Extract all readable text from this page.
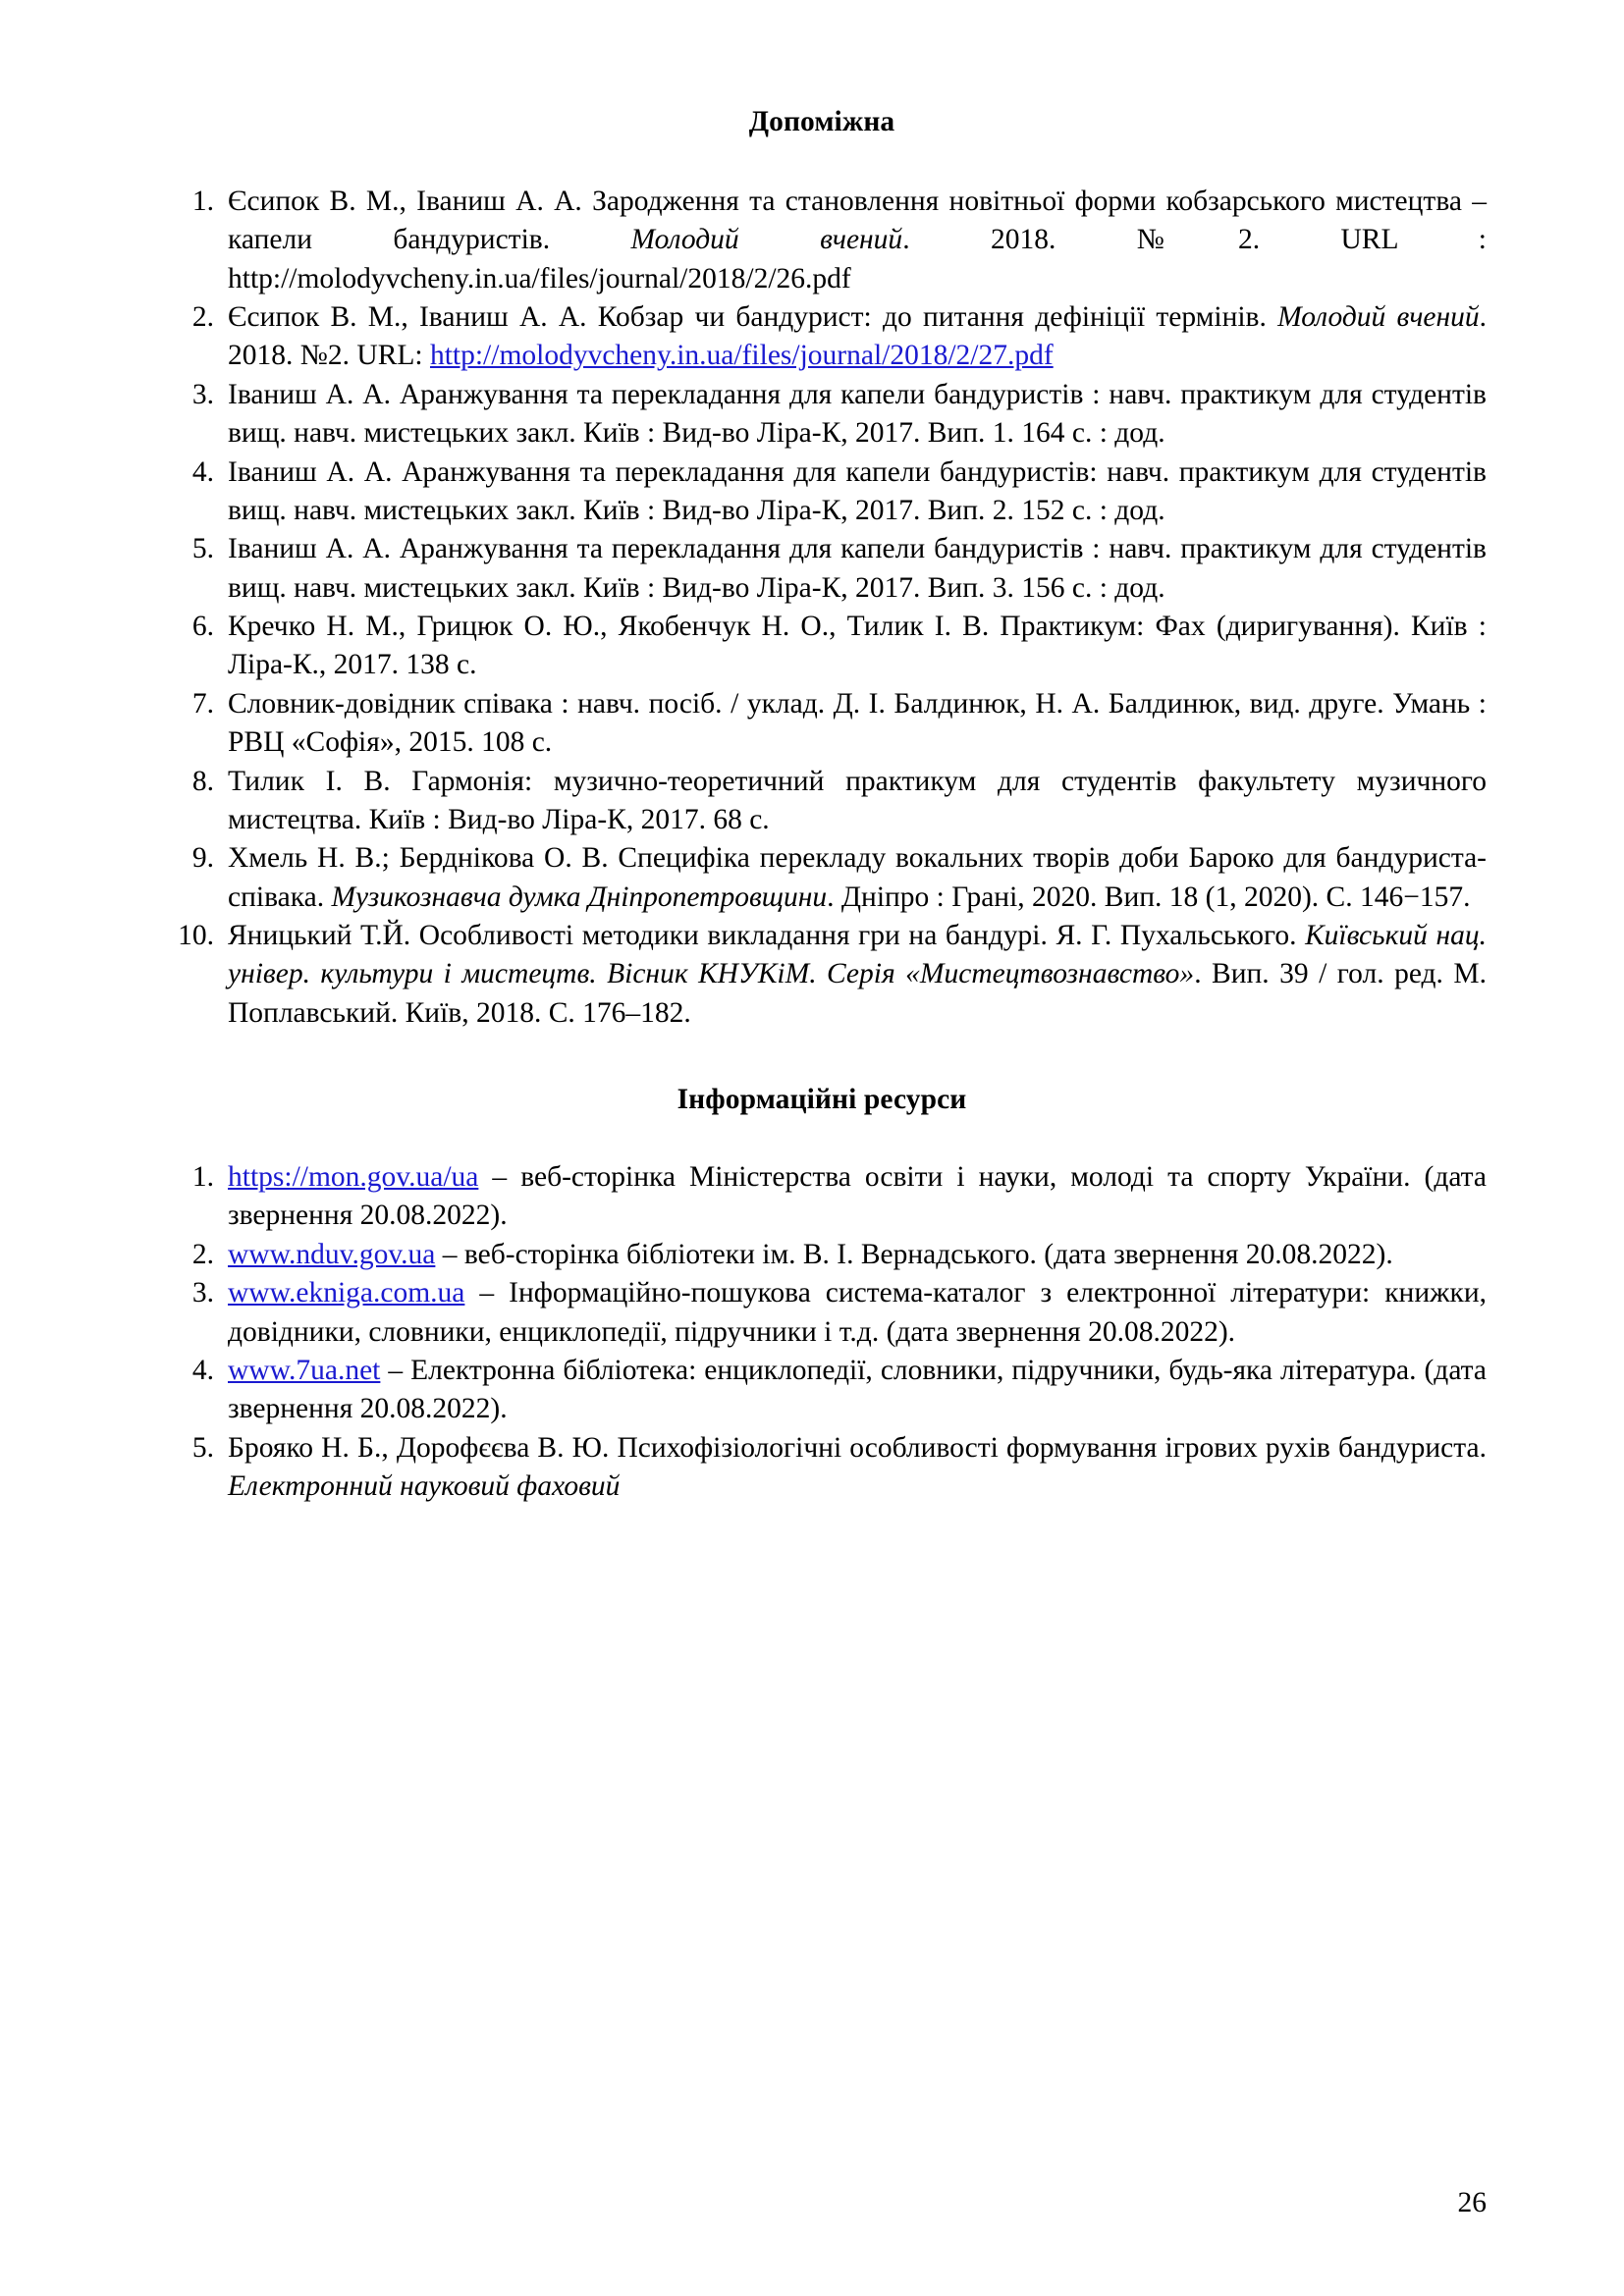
Допоміжна
1. Єсипок В. М., Іваниш А. А. Зародження та становлення новітньої форми кобзарського мистецтва – капели бандуристів. Молодий вчений. 2018. №2. URL : http://molodyvcheny.in.ua/files/journal/2018/2/26.pdf
2. Єсипок В. М., Іваниш А. А. Кобзар чи бандурист: до питання дефініції термінів. Молодий вчений. 2018. №2. URL: http://molodyvcheny.in.ua/files/journal/2018/2/27.pdf
3. Іваниш А. А. Аранжування та перекладання для капели бандуристів : навч. практикум для студентів вищ. навч. мистецьких закл. Київ : Вид-во Ліра-К, 2017. Вип. 1. 164 с. : дод.
4. Іваниш А. А. Аранжування та перекладання для капели бандуристів: навч. практикум для студентів вищ. навч. мистецьких закл. Київ : Вид-во Ліра-К, 2017. Вип. 2. 152 с. : дод.
5. Іваниш А. А. Аранжування та перекладання для капели бандуристів : навч. практикум для студентів вищ. навч. мистецьких закл. Київ : Вид-во Ліра-К, 2017. Вип. 3. 156 с. : дод.
6. Кречко Н. М., Грицюк О. Ю., Якобенчук Н. О., Тилик І. В. Практикум: Фах (диригування). Київ : Ліра-К., 2017. 138 с.
7. Словник-довідник співака : навч. посіб. / уклад. Д. І. Балдинюк, Н. А. Балдинюк, вид. друге. Умань : РВЦ «Софія», 2015. 108 с.
8. Тилик І. В. Гармонія: музично-теоретичний практикум для студентів факультету музичного мистецтва. Київ : Вид-во Ліра-К, 2017. 68 с.
9. Хмель Н. В.; Берднікова О. В. Специфіка перекладу вокальних творів доби Бароко для бандуриста-співака. Музикознавча думка Дніпропетровщини. Дніпро : Грані, 2020. Вип. 18 (1, 2020). С. 146−157.
10. Яницький Т.Й. Особливості методики викладання гри на бандурі. Я. Г. Пухальського. Київський нац. універ. культури і мистецтв. Вісник КНУКіМ. Серія «Мистецтвознавство». Вип. 39 / гол. ред. М. Поплавський. Київ, 2018. С. 176–182.
Інформаційні ресурси
1. https://mon.gov.ua/ua – веб-сторінка Міністерства освіти і науки, молоді та спорту України. (дата звернення 20.08.2022).
2. www.nduv.gov.ua – веб-сторінка бібліотеки ім. В. І. Вернадського. (дата звернення 20.08.2022).
3. www.ekniga.com.ua – Інформаційно-пошукова система-каталог з електронної літератури: книжки, довідники, словники, енциклопедії, підручники і т.д. (дата звернення 20.08.2022).
4. www.7ua.net – Електронна бібліотека: енциклопедії, словники, підручники, будь-яка література. (дата звернення 20.08.2022).
5. Брояко Н. Б., Дорофєєва В. Ю. Психофізіологічні особливості формування ігрових рухів бандуриста. Електронний науковий фаховий
26
